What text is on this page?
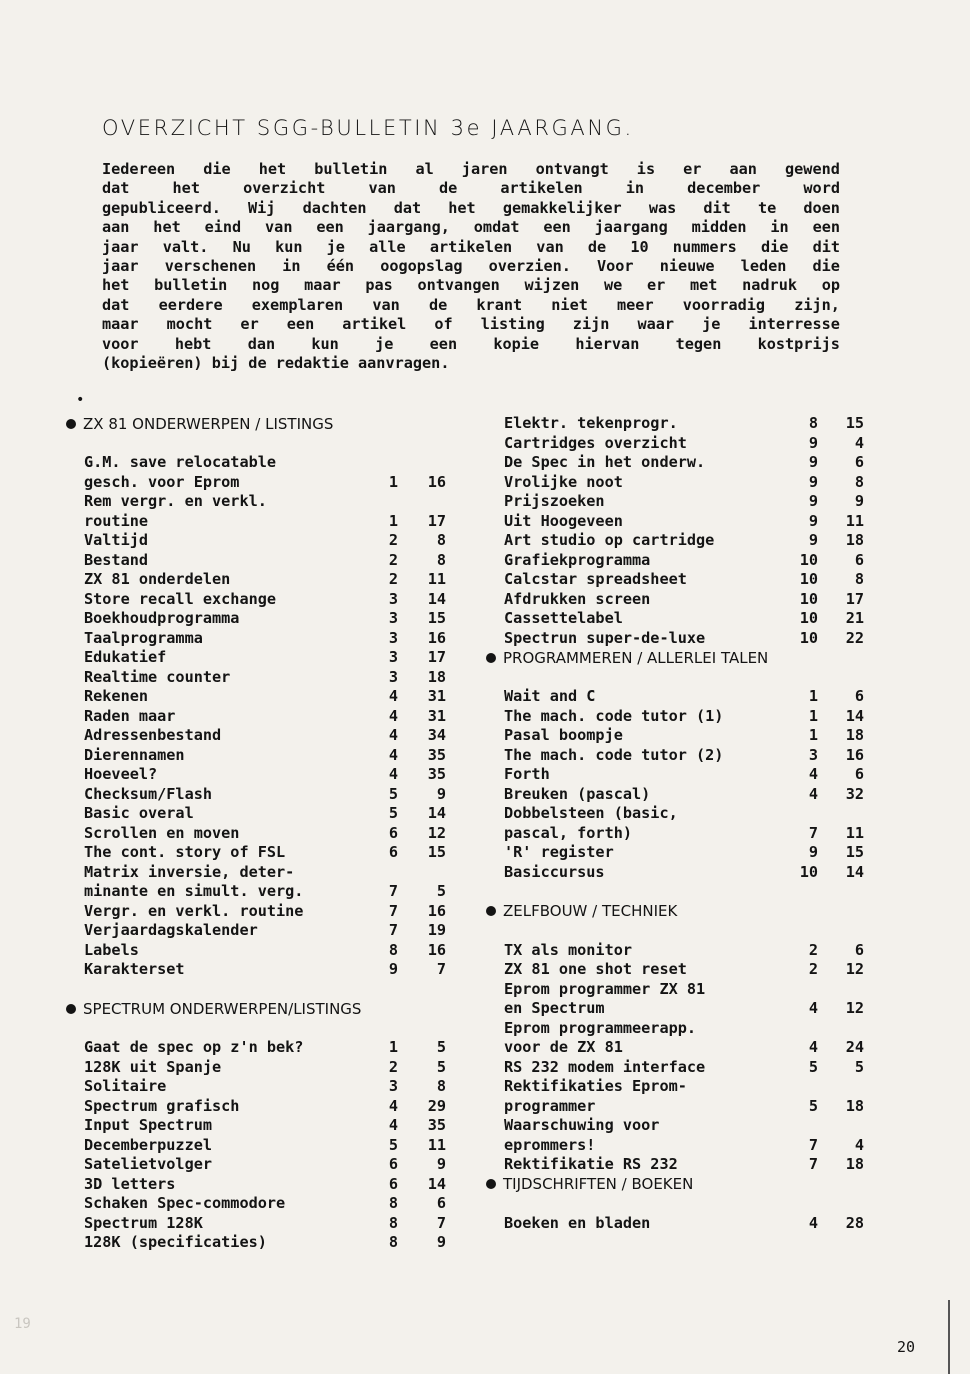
OVERZICHT SGG-BULLETIN 3e JAARGANG.
Iedereen die het bulletin al jaren ontvangt is er aan gewend
dat	het	overzicht	van	de	artikelen	in	december	word
gepubliceerd. Wij dachten dat het gemakkelijker was dit te doen
aan het eind van een jaargang, omdat een jaargang midden in een
jaar valt. Nu kun je alle artikelen van de 10 nummers die dit
jaar verschenen in één oogopslag overzien. Voor nieuwe leden die
het bulletin nog maar pas ontvangen wijzen we er met nadruk op
dat eerdere exemplaren van de krant niet meer voorradig zijn,
maar mocht er een artikel of listing zijn waar je interresse
voor hebt dan kun je een kopie hiervan tegen kostprijs
(kopieëren) bij de redaktie aanvragen.
•
ZX 81 ONDERWERPEN / LISTINGS
G.M. save relocatable
gesch. voor Eprom	1	16
Rem vergr. en verkl.
routine	1	17
Valtijd	2	8
Bestand	2	8
ZX 81 onderdelen	2	11
Store recall exchange	3	14
Boekhoudprogramma	3	15
Taalprogramma	3	16
Edukatief	3	17
Realtime counter	3	18
Rekenen	4	31
Raden maar	4	31
Adressenbestand	4	34
Dierennamen	4	35
Hoeveel?	4	35
Checksum/Flash	5	9
Basic overal	5	14
Scrollen en moven	6	12
The cont. story of FSL	6	15
Matrix inversie, deter-
minante en simult. verg.	7	5
Vergr. en verkl. routine	7	16
Verjaardagskalender	7	19
Labels	8	16
Karakterset	9	7
SPECTRUM ONDERWERPEN/LISTINGS
Gaat de spec op z'n bek?	1	5
128K uit Spanje	2	5
Solitaire	3	8
Spectrum grafisch	4	29
Input Spectrum	4	35
Decemberpuzzel	5	11
Satelietvolger	6	9
3D letters	6	14
Schaken Spec-commodore	8	6
Spectrum 128K	8	7
128K (specificaties)	8	9
Elektr. tekenprogr.	8	15
Cartridges overzicht	9	4
De Spec in het onderw.	9	6
Vrolijke noot	9	8
Prijszoeken	9	9
Uit Hoogeveen	9	11
Art studio op cartridge	9	18
Grafiekprogramma	10	6
Calcstar spreadsheet	10	8
Afdrukken screen	10	17
Cassettelabel	10	21
Spectrun super-de-luxe	10	22
PROGRAMMEREN / ALLERLEI TALEN
Wait and C	1	6
The mach. code tutor (1)	1	14
Pasal boompje	1	18
The mach. code tutor (2)	3	16
Forth	4	6
Breuken (pascal)	4	32
Dobbelsteen (basic,
pascal, forth)	7	11
'R' register	9	15
Basiccursus	10	14
ZELFBOUW / TECHNIEK
TX als monitor	2	6
ZX 81 one shot reset	2	12
Eprom programmer ZX 81
en Spectrum	4	12
Eprom programmeerapp.
voor de ZX 81	4	24
RS 232 modem interface	5	5
Rektifikaties Eprom-
programmer	5	18
Waarschuwing voor
eprommers!	7	4
Rektifikatie RS 232	7	18
TIJDSCHRIFTEN / BOEKEN
Boeken en bladen	4	28
19
20
